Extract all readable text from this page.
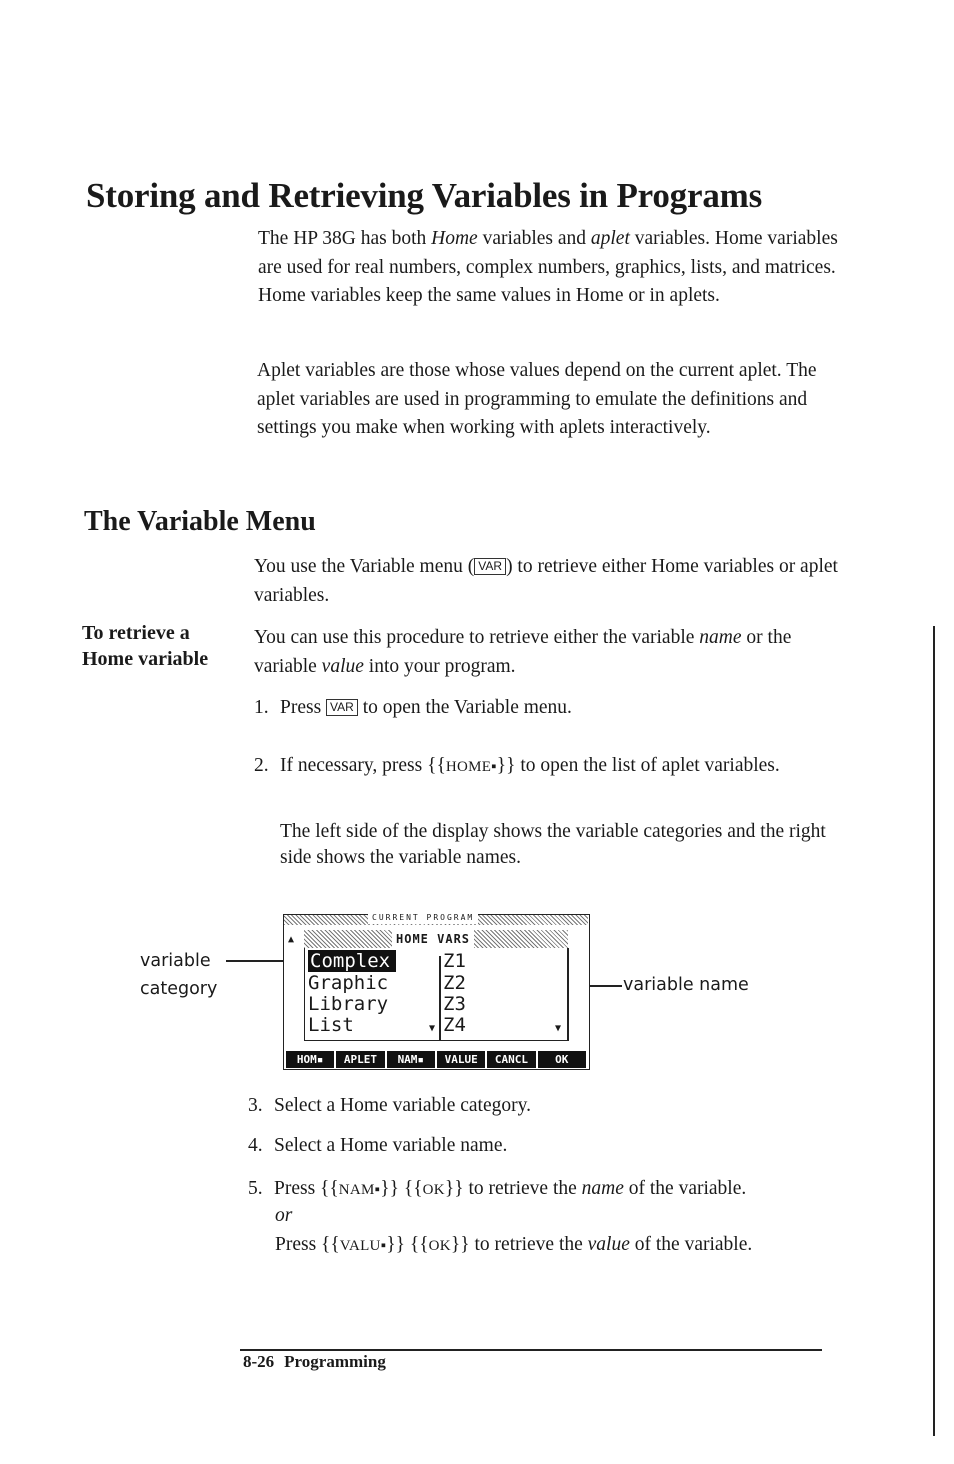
Storing and Retrieving Variables in Programs
The HP 38G has both Home variables and aplet variables. Home variables are used for real numbers, complex numbers, graphics, lists, and matrices. Home variables keep the same values in Home or in aplets.
Aplet variables are those whose values depend on the current aplet. The aplet variables are used in programming to emulate the definitions and settings you make when working with aplets interactively.
The Variable Menu
You use the Variable menu ( VAR ) to retrieve either Home variables or aplet variables.
To retrieve a
Home variable
You can use this procedure to retrieve either the variable name or the variable value into your program.
1. Press VAR to open the Variable menu.
2. If necessary, press {{HOME▪}} to open the list of aplet variables.
The left side of the display shows the variable categories and the right side shows the variable names.
variable
category	variable name
CURRENT PROGRAM
▲	HOME VARS
Complex
Graphic
Library
List	▼
Z1
Z2
Z3
Z4	▼
HOM▪	APLET	NAM▪	VALUE	CANCL	OK
3. Select a Home variable category.
4. Select a Home variable name.
5. Press {{NAM▪}} {{OK}} to retrieve the name of the variable.
or
Press {{VALU▪}} {{OK}} to retrieve the value of the variable.
8-26 Programming
